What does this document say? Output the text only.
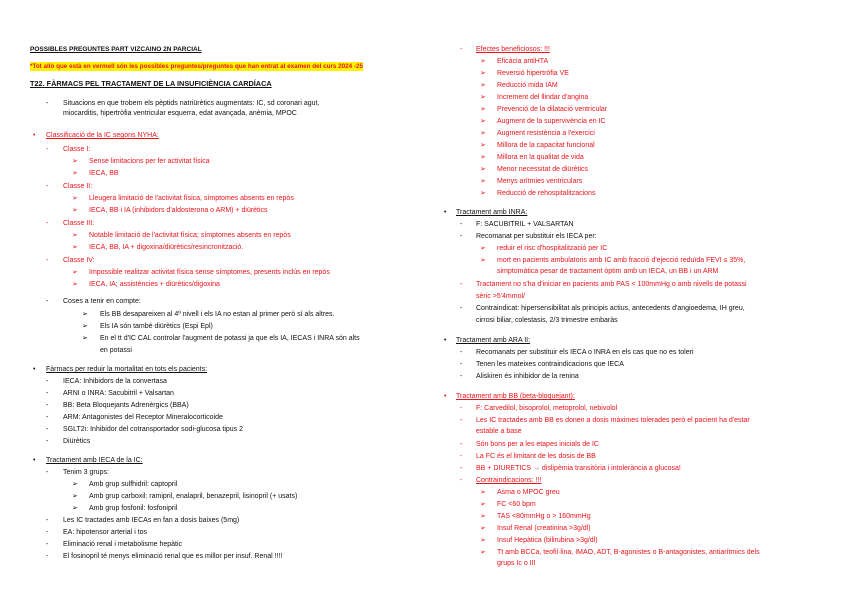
POSSIBLES PREGUNTES PART VIZCAINO 2N PARCIAL
*Tot allò que està en vermell són les possibles preguntes/preguntes que han entrat al examen del curs 2024 -25
T22. FÀRMACS PEL TRACTAMENT DE LA INSUFICIÈNCIA CARDÍACA
- Situacions en que trobem els pèptids natriürètics augmentats: IC, sd coronari agut,
miocarditis, hipertròfia ventricular esquerra, edat avançada, anèmia, MPOC
• Classificació de la IC segons NYHA:
- Classe I:
➢ Sense limitacions per fer activitat física
➢ IECA, BB
- Classe II:
➢ Lleugera limitació de l'activitat física, símptomes absents en repòs
➢ IECA, BB i IA (inhibidors d'aldosterona o ARM) + diürètics
- Classe III:
➢ Notable limitació de l'activitat física; símptomes absents en repòs
➢ IECA, BB, IA + digoxina/diürètics/resincronització.
- Classe IV:
➢ Impossible realitzar activitat física sense símptomes, presents inclús en repòs
➢ IECA, IA; assistències + diürètics/digoxina
- Coses a tenir en compte:
➢ Els BB desapareixen al 4º nivell i els IA no estan al primer però sí als altres.
➢ Els IA són també diürètics (Espi Epl)
➢ En el tt d'IC CAL controlar l'augment de potassi ja que els IA, IECAS i INRA són alts
en potassi
• Fàrmacs per reduir la mortalitat en tots els pacients:
- IECA: Inhibidors de la convertasa
- ARNI o INRA: Sacubitril + Valsartan
- BB: Beta Bloquejants Adrenèrgics (BBA)
- ARM: Antagonistes del Receptor Mineralocorticoide
- SGLT2i: Inhibidor del cotransportador sodi-glucosa tipus 2
- Diürètics
• Tractament amb IECA de la IC:
- Tenim 3 grups:
➢ Amb grup sulfhidril: captopril
➢ Amb grup carboxil: ramipril, enalapril, benazepril, lisinopril (+ usats)
➢ Amb grup fosfonil: fosfonipril
- Les IC tractades amb IECAs en fan a dosis baixes (5mg)
- EA: hipotensor arterial i tos
- Eliminació renal i metabolisme hepàtic
- El fosinopril té menys eliminació renal que es millor per insuf. Renal !!!!
- Efectes beneficiosos: !!!
➢ Eficàcia antiHTA
➢ Reversió hipertròfia VE
➢ Reducció mida IAM
➢ Increment del llindar d'angina
➢ Prevenció de la dilatació ventricular
➢ Augment de la supervivència en IC
➢ Augment resistència a l'exercici
➢ Millora de la capacitat funcional
➢ Millora en la qualitat de vida
➢ Menor necessitat de diürètics
➢ Menys arítmies ventriculars
➢ Reducció de rehospitalitzacions
• Tractament amb INRA:
- F: SACUBITRIL + VALSARTAN
- Recomanat per substituir els IECA per:
➢ reduir el risc d'hospitalització per IC
➢ mort en pacients ambulatoris amb IC amb fracció d'ejecció reduïda FEVI ≤ 35%,
simptomàtica pesar de tractament òptim amb un IECA, un BB i un ARM
- Tractament no s'ha d'iniciar en pacients amb PAS < 100mmHg o amb nivells de potassi
sèric >5'4mmol/
- Contraindicat: hipersensibilitat als principis actius, antecedents d'angioedema, IH greu,
cirrosi biliar, colestasis, 2/3 trimestre embaràs
• Tractament amb ARA II:
- Recomanats per substituir els IECA o INRA en els cas que no es toleri
- Tenen les mateixes contraindicacions que IECA
- Aliskiren és inhibidor de la renina
• Tractament amb BB (beta-bloquejant):
- F: Carvedilol, bisoprolol, metoprolol, nebivolol
- Les IC tractades amb BB es donen a dosis màximes tolerades però el pacient ha d'estar
estable a base
- Són bons per a les etapes inicials de IC
- La FC és el limitant de les dosis de BB
- BB + DIURETICS → dislipèmia transitòria i intolerància a glucosa!
- Contraindicacions: !!!
➢ Asma o MPOC greu
➢ FC <60 bpm
➢ TAS <80mmHg o > 160mmHg
➢ Insuf Renal (creatinina >3g/dl)
➢ Insuf Hepàtica (bilirubina >3g/dl)
➢ Tt amb BCCa, teofil·lina, IMAO, ADT, B-agonistes o B-antagonistes, antiarítmics dels
grups Ic o III
